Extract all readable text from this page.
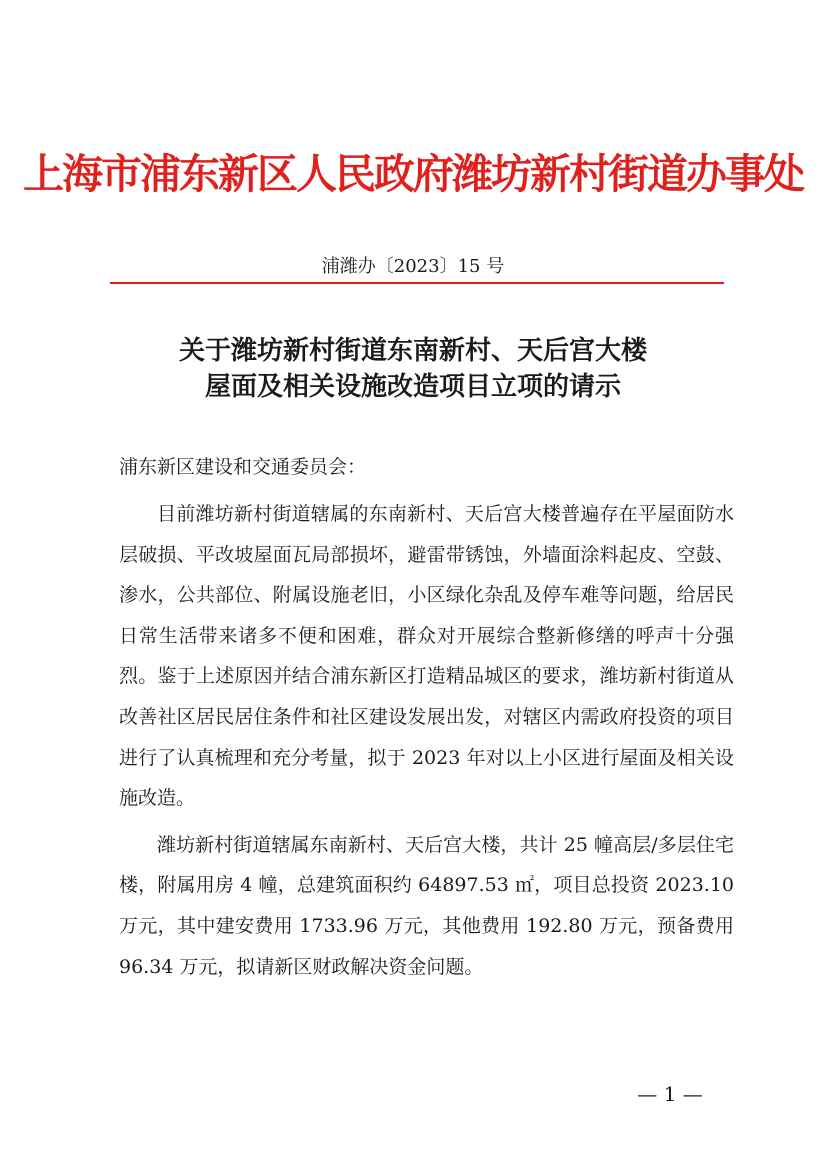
上海市浦东新区人民政府潍坊新村街道办事处
浦潍办〔2023〕15 号
关于潍坊新村街道东南新村、天后宫大楼
屋面及相关设施改造项目立项的请示
浦东新区建设和交通委员会：

目前潍坊新村街道辖属的东南新村、天后宫大楼普遍存在平屋面防水层破损、平改坡屋面瓦局部损坏，避雷带锈蚀，外墙面涂料起皮、空鼓、渗水，公共部位、附属设施老旧，小区绿化杂乱及停车难等问题，给居民日常生活带来诸多不便和困难，群众对开展综合整新修缮的呼声十分强烈。鉴于上述原因并结合浦东新区打造精品城区的要求，潍坊新村街道从改善社区居民居住条件和社区建设发展出发，对辖区内需政府投资的项目进行了认真梳理和充分考量，拟于 2023 年对以上小区进行屋面及相关设施改造。

潍坊新村街道辖属东南新村、天后宫大楼，共计 25 幢高层/多层住宅楼，附属用房 4 幢，总建筑面积约 64897.53 ㎡，项目总投资 2023.10 万元，其中建安费用 1733.96 万元，其他费用 192.80 万元，预备费用 96.34 万元，拟请新区财政解决资金问题。

— 1 —
